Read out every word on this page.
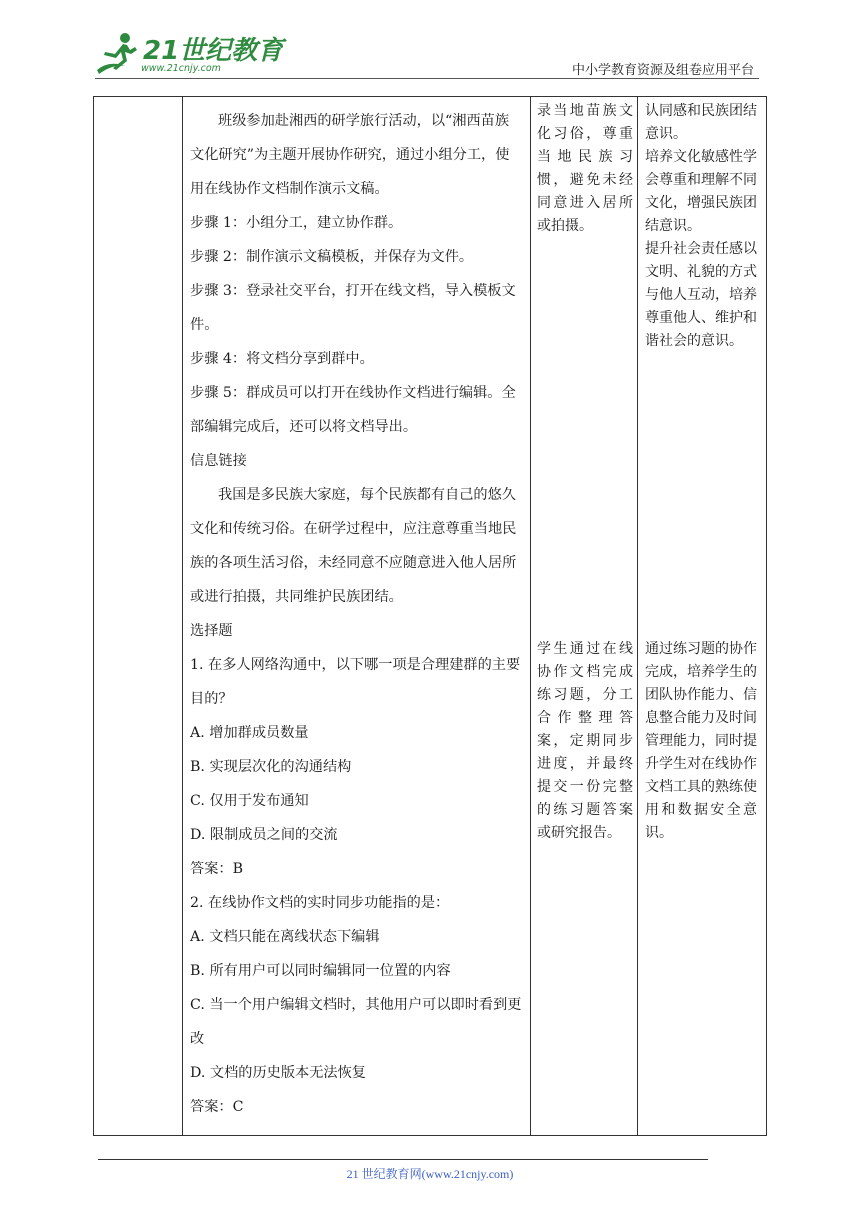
21世纪教育
www.21cnjy.com	中小学教育资源及组卷应用平台

班级参加赴湘西的研学旅行活动，以“湘西苗族文化研究”为主题开展协作研究，通过小组分工，使用在线协作文档制作演示文稿。

步骤 1：小组分工，建立协作群。

步骤 2：制作演示文稿模板，并保存为文件。

步骤 3：登录社交平台，打开在线文档，导入模板文件。

步骤 4：将文档分享到群中。

步骤 5：群成员可以打开在线协作文档进行编辑。全部编辑完成后，还可以将文档导出。

信息链接

我国是多民族大家庭，每个民族都有自己的悠久文化和传统习俗。在研学过程中，应注意尊重当地民族的各项生活习俗，未经同意不应随意进入他人居所或进行拍摄，共同维护民族团结。

选择题

1. 在多人网络沟通中，以下哪一项是合理建群的主要目的？

A. 增加群成员数量

B. 实现层次化的沟通结构

C. 仅用于发布通知

D. 限制成员之间的交流

答案：B

2. 在线协作文档的实时同步功能指的是：

A. 文档只能在离线状态下编辑

B. 所有用户可以同时编辑同一位置的内容

C. 当一个用户编辑文档时，其他用户可以即时看到更改

D. 文档的历史版本无法恢复

答案：C

录当地苗族文化习俗，尊重当地民族习惯，避免未经同意进入居所或拍摄。
学生通过在线协作文档完成练习题，分工合作整理答案，定期同步进度，并最终提交一份完整的练习题答案或研究报告。

认同感和民族团结意识。

培养文化敏感性学会尊重和理解不同文化，增强民族团结意识。

提升社会责任感以文明、礼貌的方式与他人互动，培养尊重他人、维护和谐社会的意识。

通过练习题的协作完成，培养学生的团队协作能力、信息整合能力及时间管理能力，同时提升学生对在线协作文档工具的熟练使用和数据安全意识。
21 世纪教育网(www.21cnjy.com)
